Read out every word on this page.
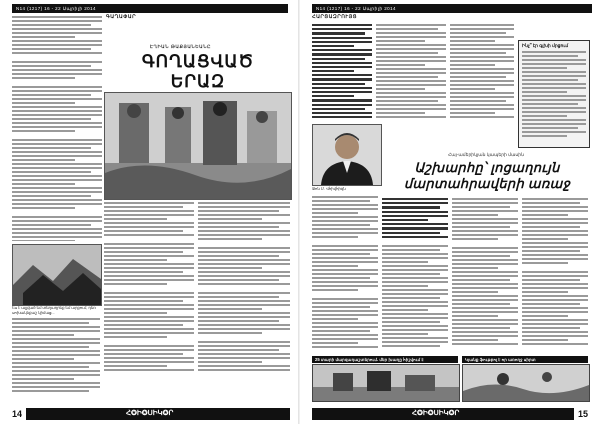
N14 (1217) 16 - 22 Ապրիլի 2014
ԳԱՂԱՓԱՐ
ԷՂԻԱՆ ԹԱՔՅԱՆԵԱՆԸ
ԳՈՂԱՑՎԱԾ
ԵՐԱԶ
Ես է ալլված եմ տեղադրեք եմ արքում, դեռ սոխակնքաշ կիմաց...
14	Հ✪Ի✪ՍԻԿ✪Ր
N14 (1217) 16 - 22 Ապրիլի 2014
ՀԱՐՑԱԶՐՈՒՅՑ
Ինչ՞ էր գլխի մրցում
Ջոն Մ. Վհիվհիզն
Հայ-ամերիկյան կապերի մասին
Աշխարհը՝ լոցաղույն
մարտահրավերի առաջ
25 տարի մարզադաշտերում. մեր խաղը հիշվում է	Կյանք ֆութբոլ է որ առողջ սիրտ
Հ✪Ի✪ՍԻԿ✪Ր	15
